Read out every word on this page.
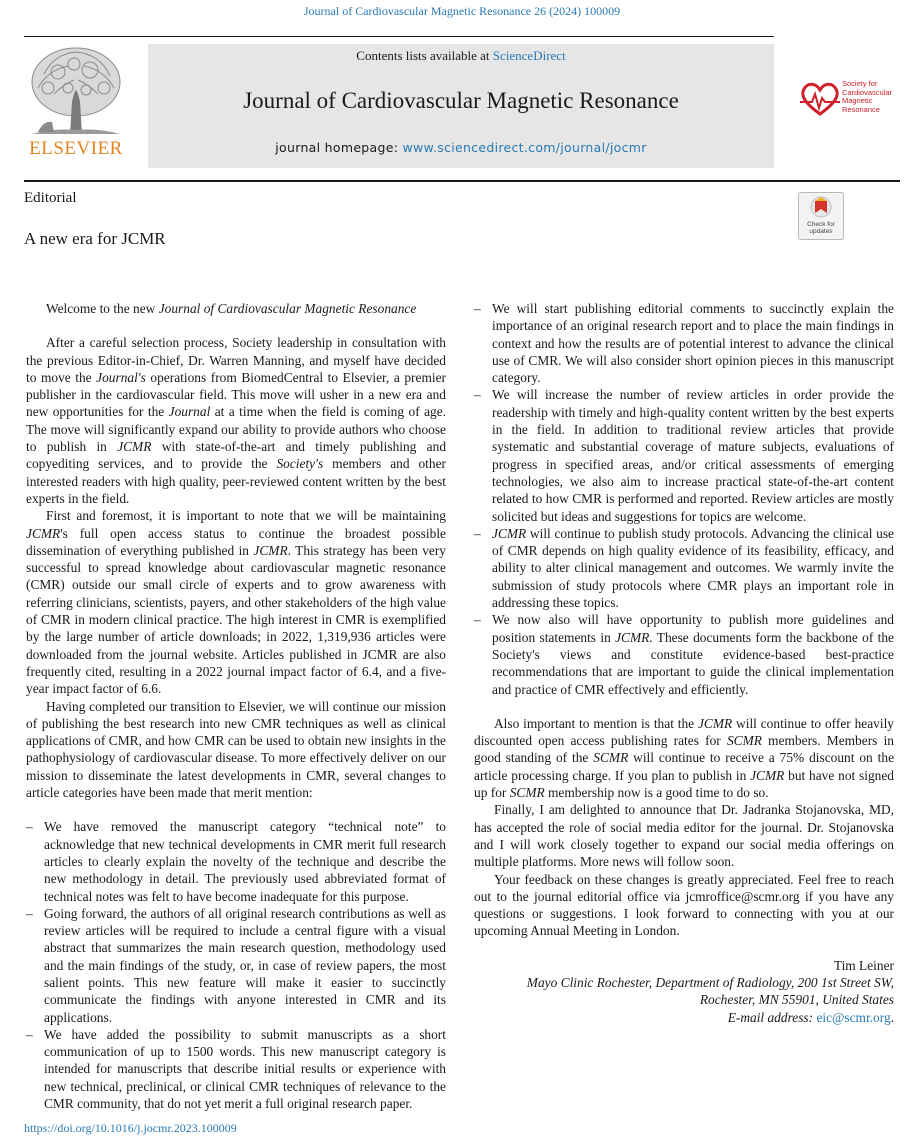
Journal of Cardiovascular Magnetic Resonance 26 (2024) 100009
ELSEVIER
Contents lists available at ScienceDirect
Journal of Cardiovascular Magnetic Resonance
journal homepage: www.sciencedirect.com/journal/jocmr
Society for
Cardiovascular
Magnetic
Resonance
Editorial
A new era for JCMR
Check for updates

Welcome to the new Journal of Cardiovascular Magnetic Resonance

After a careful selection process, Society leadership in consultation with the previous Editor-in-Chief, Dr. Warren Manning, and myself have decided to move the Journal's operations from BiomedCentral to Elsevier, a premier publisher in the cardiovascular field. This move will usher in a new era and new opportunities for the Journal at a time when the field is coming of age. The move will significantly expand our ability to provide authors who choose to publish in JCMR with state-of-the-art and timely publishing and copyediting services, and to provide the Society's members and other interested readers with high quality, peer-reviewed content written by the best experts in the field.

First and foremost, it is important to note that we will be maintaining JCMR's full open access status to continue the broadest possible dissemination of everything published in JCMR. This strategy has been very successful to spread knowledge about cardiovascular magnetic resonance (CMR) outside our small circle of experts and to grow awareness with referring clinicians, scientists, payers, and other stakeholders of the high value of CMR in modern clinical practice. The high interest in CMR is exemplified by the large number of article downloads; in 2022, 1,319,936 articles were downloaded from the journal website. Articles published in JCMR are also frequently cited, resulting in a 2022 journal impact factor of 6.4, and a five-year impact factor of 6.6.

Having completed our transition to Elsevier, we will continue our mission of publishing the best research into new CMR techniques as well as clinical applications of CMR, and how CMR can be used to obtain new insights in the pathophysiology of cardiovascular disease. To more effectively deliver on our mission to disseminate the latest developments in CMR, several changes to article categories have been made that merit mention:

– We have removed the manuscript category “technical note” to acknowledge that new technical developments in CMR merit full research articles to clearly explain the novelty of the technique and describe the new methodology in detail. The previously used abbreviated format of technical notes was felt to have become inadequate for this purpose.
– Going forward, the authors of all original research contributions as well as review articles will be required to include a central figure with a visual abstract that summarizes the main research question, methodology used and the main findings of the study, or, in case of review papers, the most salient points. This new feature will make it easier to succinctly communicate the findings with anyone interested in CMR and its applications.
– We have added the possibility to submit manuscripts as a short communication of up to 1500 words. This new manuscript category is intended for manuscripts that describe initial results or experience with new technical, preclinical, or clinical CMR techniques of relevance to the CMR community, that do not yet merit a full original research paper.
– We will start publishing editorial comments to succinctly explain the importance of an original research report and to place the main findings in context and how the results are of potential interest to advance the clinical use of CMR. We will also consider short opinion pieces in this manuscript category.
– We will increase the number of review articles in order provide the readership with timely and high-quality content written by the best experts in the field. In addition to traditional review articles that provide systematic and substantial coverage of mature subjects, evaluations of progress in specified areas, and/or critical assessments of emerging technologies, we also aim to increase practical state-of-the-art content related to how CMR is performed and reported. Review articles are mostly solicited but ideas and suggestions for topics are welcome.
– JCMR will continue to publish study protocols. Advancing the clinical use of CMR depends on high quality evidence of its feasibility, efficacy, and ability to alter clinical management and outcomes. We warmly invite the submission of study protocols where CMR plays an important role in addressing these topics.
– We now also will have opportunity to publish more guidelines and position statements in JCMR. These documents form the backbone of the Society's views and constitute evidence-based best-practice recommendations that are important to guide the clinical implementation and practice of CMR effectively and efficiently.

Also important to mention is that the JCMR will continue to offer heavily discounted open access publishing rates for SCMR members. Members in good standing of the SCMR will continue to receive a 75% discount on the article processing charge. If you plan to publish in JCMR but have not signed up for SCMR membership now is a good time to do so.

Finally, I am delighted to announce that Dr. Jadranka Stojanovska, MD, has accepted the role of social media editor for the journal. Dr. Stojanovska and I will work closely together to expand our social media offerings on multiple platforms. More news will follow soon.

Your feedback on these changes is greatly appreciated. Feel free to reach out to the journal editorial office via jcmroffice@scmr.org if you have any questions or suggestions. I look forward to connecting with you at our upcoming Annual Meeting in London.

Tim Leiner
Mayo Clinic Rochester, Department of Radiology, 200 1st Street SW,
Rochester, MN 55901, United States
E-mail address: eic@scmr.org.
https://doi.org/10.1016/j.jocmr.2023.100009
